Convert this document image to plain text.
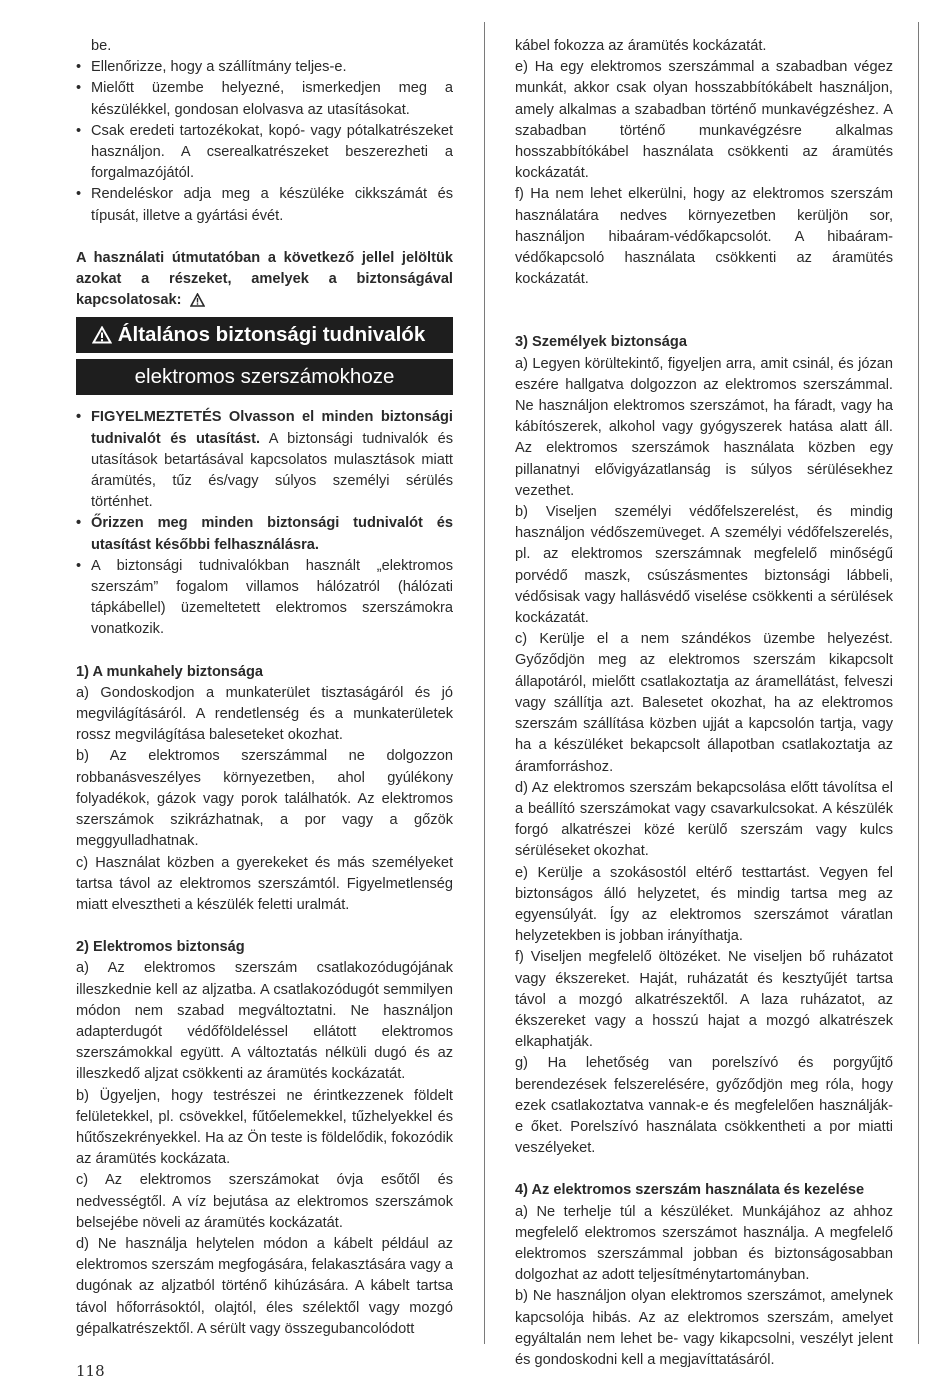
be.

• Ellenőrizze, hogy a szállítmány teljes-e.

• Mielőtt üzembe helyezné, ismerkedjen meg a készülékkel, gondosan elolvasva az utasításokat.

• Csak eredeti tartozékokat, kopó- vagy pótalkatrészeket használjon. A cserealkatrészeket beszerezheti a forgalmazójától.

• Rendeléskor adja meg a készüléke cikkszámát és típusát, illetve a gyártási évét.

A használati útmutatóban a következő jellel jelöltük azokat a részeket, amelyek a biztonságával kapcsolatosak:

Általános biztonsági tudnivalók
elektromos szerszámokhoze

• FIGYELMEZTETÉS Olvasson el minden biztonsági tudnivalót és utasítást. A biztonsági tudnivalók és utasítások betartásával kapcsolatos mulasztások miatt áramütés, tűz és/vagy súlyos személyi sérülés történhet.

• Őrizzen meg minden biztonsági tudnivalót és utasítást későbbi felhasználásra.

• A biztonsági tudnivalókban használt „elektromos szerszám” fogalom villamos hálózatról (hálózati tápkábellel) üzemeltetett elektromos szerszámokra vonatkozik.

1) A munkahely biztonsága

a) Gondoskodjon a munkaterület tisztaságáról és jó megvilágításáról. A rendetlenség és a munkaterületek rossz megvilágítása baleseteket okozhat.

b) Az elektromos szerszámmal ne dolgozzon robbanásveszélyes környezetben, ahol gyúlékony folyadékok, gázok vagy porok találhatók. Az elektromos szerszámok szikrázhatnak, a por vagy a gőzök meggyulladhatnak.

c) Használat közben a gyerekeket és más személyeket tartsa távol az elektromos szerszámtól. Figyelmetlenség miatt elvesztheti a készülék feletti uralmát.

2) Elektromos biztonság

a) Az elektromos szerszám csatlakozódugójának illeszkednie kell az aljzatba. A csatlakozódugót semmilyen módon nem szabad megváltoztatni. Ne használjon adapterdugót védőföldeléssel ellátott elektromos szerszámokkal együtt. A változtatás nélküli dugó és az illeszkedő aljzat csökkenti az áramütés kockázatát.

b) Ügyeljen, hogy testrészei ne érintkezzenek földelt felületekkel, pl. csövekkel, fűtőelemekkel, tűzhelyekkel és hűtőszekrényekkel. Ha az Ön teste is földelődik, fokozódik az áramütés kockázata.

c) Az elektromos szerszámokat óvja esőtől és nedvességtől. A víz bejutása az elektromos szerszámok belsejébe növeli az áramütés kockázatát.

d) Ne használja helytelen módon a kábelt például az elektromos szerszám megfogására, felakasztására vagy a dugónak az aljzatból történő kihúzására. A kábelt tartsa távol hőforrásoktól, olajtól, éles szélektől vagy mozgó gépalkatrészektől. A sérült vagy összegubancolódott

kábel fokozza az áramütés kockázatát.

e) Ha egy elektromos szerszámmal a szabadban végez munkát, akkor csak olyan hosszabbítókábelt használjon, amely alkalmas a szabadban történő munkavégzéshez. A szabadban történő munkavégzésre alkalmas hosszabbítókábel használata csökkenti az áramütés kockázatát.

f) Ha nem lehet elkerülni, hogy az elektromos szerszám használatára nedves környezetben kerüljön sor, használjon hibaáram-védőkapcsolót. A hibaáram-védőkapcsoló használata csökkenti az áramütés kockázatát.

3) Személyek biztonsága

a) Legyen körültekintő, figyeljen arra, amit csinál, és józan eszére hallgatva dolgozzon az elektromos szerszámmal. Ne használjon elektromos szerszámot, ha fáradt, vagy ha kábítószerek, alkohol vagy gyógyszerek hatása alatt áll. Az elektromos szerszámok használata közben egy pillanatnyi elővigyázatlanság is súlyos sérülésekhez vezethet.

b) Viseljen személyi védőfelszerelést, és mindig használjon védőszemüveget. A személyi védőfelszerelés, pl. az elektromos szerszámnak megfelelő minőségű porvédő maszk, csúszásmentes biztonsági lábbeli, védősisak vagy hallásvédő viselése csökkenti a sérülések kockázatát.

c) Kerülje el a nem szándékos üzembe helyezést. Győződjön meg az elektromos szerszám kikapcsolt állapotáról, mielőtt csatlakoztatja az áramellátást, felveszi vagy szállítja azt. Balesetet okozhat, ha az elektromos szerszám szállítása közben ujját a kapcsolón tartja, vagy ha a készüléket bekapcsolt állapotban csatlakoztatja az áramforráshoz.

d) Az elektromos szerszám bekapcsolása előtt távolítsa el a beállító szerszámokat vagy csavarkulcsokat. A készülék forgó alkatrészei közé kerülő szerszám vagy kulcs sérüléseket okozhat.

e) Kerülje a szokásostól eltérő testtartást. Vegyen fel biztonságos álló helyzetet, és mindig tartsa meg az egyensúlyát. Így az elektromos szerszámot váratlan helyzetekben is jobban irányíthatja.

f) Viseljen megfelelő öltözéket. Ne viseljen bő ruházatot vagy ékszereket. Haját, ruházatát és kesztyűjét tartsa távol a mozgó alkatrészektől. A laza ruházatot, az ékszereket vagy a hosszú hajat a mozgó alkatrészek elkaphatják.

g) Ha lehetőség van porelszívó és porgyűjtő berendezések felszerelésére, győződjön meg róla, hogy ezek csatlakoztatva vannak-e és megfelelően használják-e őket. Porelszívó használata csökkentheti a por miatti veszélyeket.

4) Az elektromos szerszám használata és kezelése

a) Ne terhelje túl a készüléket. Munkájához az ahhoz megfelelő elektromos szerszámot használja. A megfelelő elektromos szerszámmal jobban és biztonságosabban dolgozhat az adott teljesítménytartományban.

b) Ne használjon olyan elektromos szerszámot, amelynek kapcsolója hibás. Az az elektromos szerszám, amelyet egyáltalán nem lehet be- vagy kikapcsolni, veszélyt jelent és gondoskodni kell a megjavíttatásáról.

118
